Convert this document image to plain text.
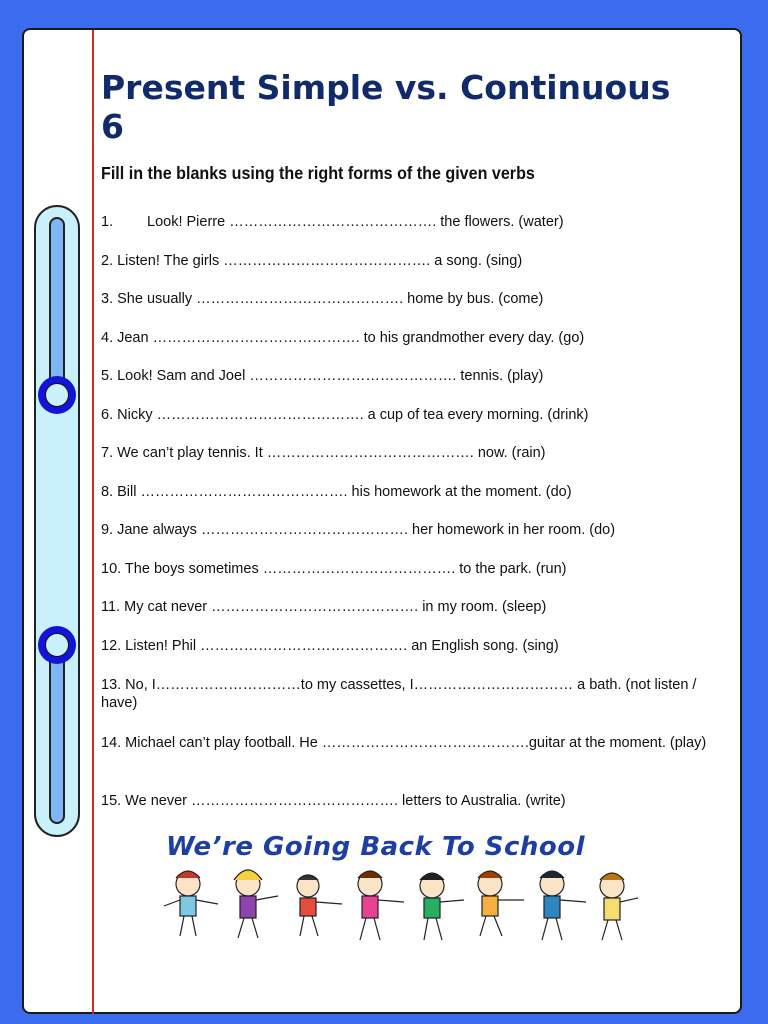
Present Simple vs. Continuous 6

Fill in the blanks using the right forms of the given verbs

1. Look! Pierre ……………………………………. the flowers. (water)

2. Listen! The girls ……………………………………. a song. (sing)

3. She usually ……………………………………. home by bus. (come)

4. Jean ……………………………………. to his grandmother every day. (go)

5. Look! Sam and Joel ……………………………………. tennis. (play)

6. Nicky ……………………………………. a cup of tea every morning. (drink)

7. We can’t play tennis. It ……………………………………. now. (rain)

8. Bill ……………………………………. his homework at the moment. (do)

9. Jane always ……………………………………. her homework in her room. (do)

10. The boys sometimes …………………………………. to the park. (run)

11. My cat never ……………………………………. in my room. (sleep)

12. Listen! Phil ……………………………………. an English song. (sing)

13. No, I…………………………to my cassettes, I…………………………… a bath. (not listen / have)

14. Michael can’t play football. He …………………………………….guitar at the moment. (play)

15. We never ……………………………………. letters to Australia. (write)

We’re Going Back To School
